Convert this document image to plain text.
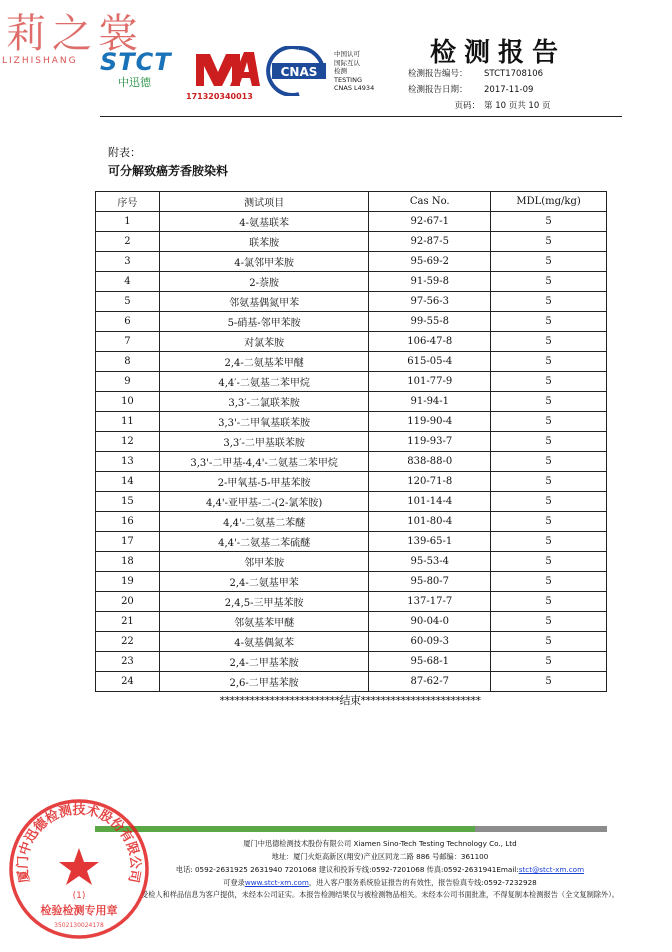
莉之裳
LIZHISHANG STCT
中迅德
MA
171320340013
CNAS
中国认可
国际互认
检测
TESTING
CNAS L4934
检测报告
检测报告编号： STCT1708106
检测报告日期： 2017-11-09
页码： 第 10 页共 10 页
附表：
可分解致癌芳香胺染料
序号	测试项目	Cas No.	MDL(mg/kg)
1	4-氨基联苯	92-67-1	5
2	联苯胺	92-87-5	5
3	4-氯邻甲苯胺	95-69-2	5
4	2-萘胺	91-59-8	5
5	邻氨基偶氮甲苯	97-56-3	5
6	5-硝基-邻甲苯胺	99-55-8	5
7	对氯苯胺	106-47-8	5
8	2,4-二氨基苯甲醚	615-05-4	5
9	4,4′-二氨基二苯甲烷	101-77-9	5
10	3,3′-二氯联苯胺	91-94-1	5
11	3,3'-二甲氧基联苯胺	119-90-4	5
12	3,3′-二甲基联苯胺	119-93-7	5
13	3,3'-二甲基-4,4'-二氨基二苯甲烷	838-88-0	5
14	2-甲氧基-5-甲基苯胺	120-71-8	5
15	4,4'-亚甲基-二-(2-氯苯胺)	101-14-4	5
16	4,4'-二氨基二苯醚	101-80-4	5
17	4,4'-二氨基二苯硫醚	139-65-1	5
18	邻甲苯胺	95-53-4	5
19	2,4-二氨基甲苯	95-80-7	5
20	2,4,5-三甲基苯胺	137-17-7	5
21	邻氨基苯甲醚	90-04-0	5
22	4-氨基偶氮苯	60-09-3	5
23	2,4-二甲基苯胺	95-68-1	5
24	2,6-二甲基苯胺	87-62-7	5
************************结束************************
厦门中迅德检测技术股份有限公司 Xiamen Sino-Tech Testing Technology Co., Ltd
地址：厦门火炬高新区(翔安)产业区同龙二路 886 号邮编：361100
电话: 0592-2631925 2631940 7201068 建议和投诉专线:0592-7201068 传真:0592-2631941Email:stct@stct-xm.com
可登录www.stct-xm.com，进入客户服务系统验证报告的有效性，报告验真专线:0592-7232928
受检人和样品信息为客户提供，未经本公司证实。本报告检测结果仅与被检测物品相关。未经本公司书面批准，不得复制本检测报告（全文复制除外）。
厦门中迅德检测技术股份有限公司
(1)
检验检测专用章
3502130024178
